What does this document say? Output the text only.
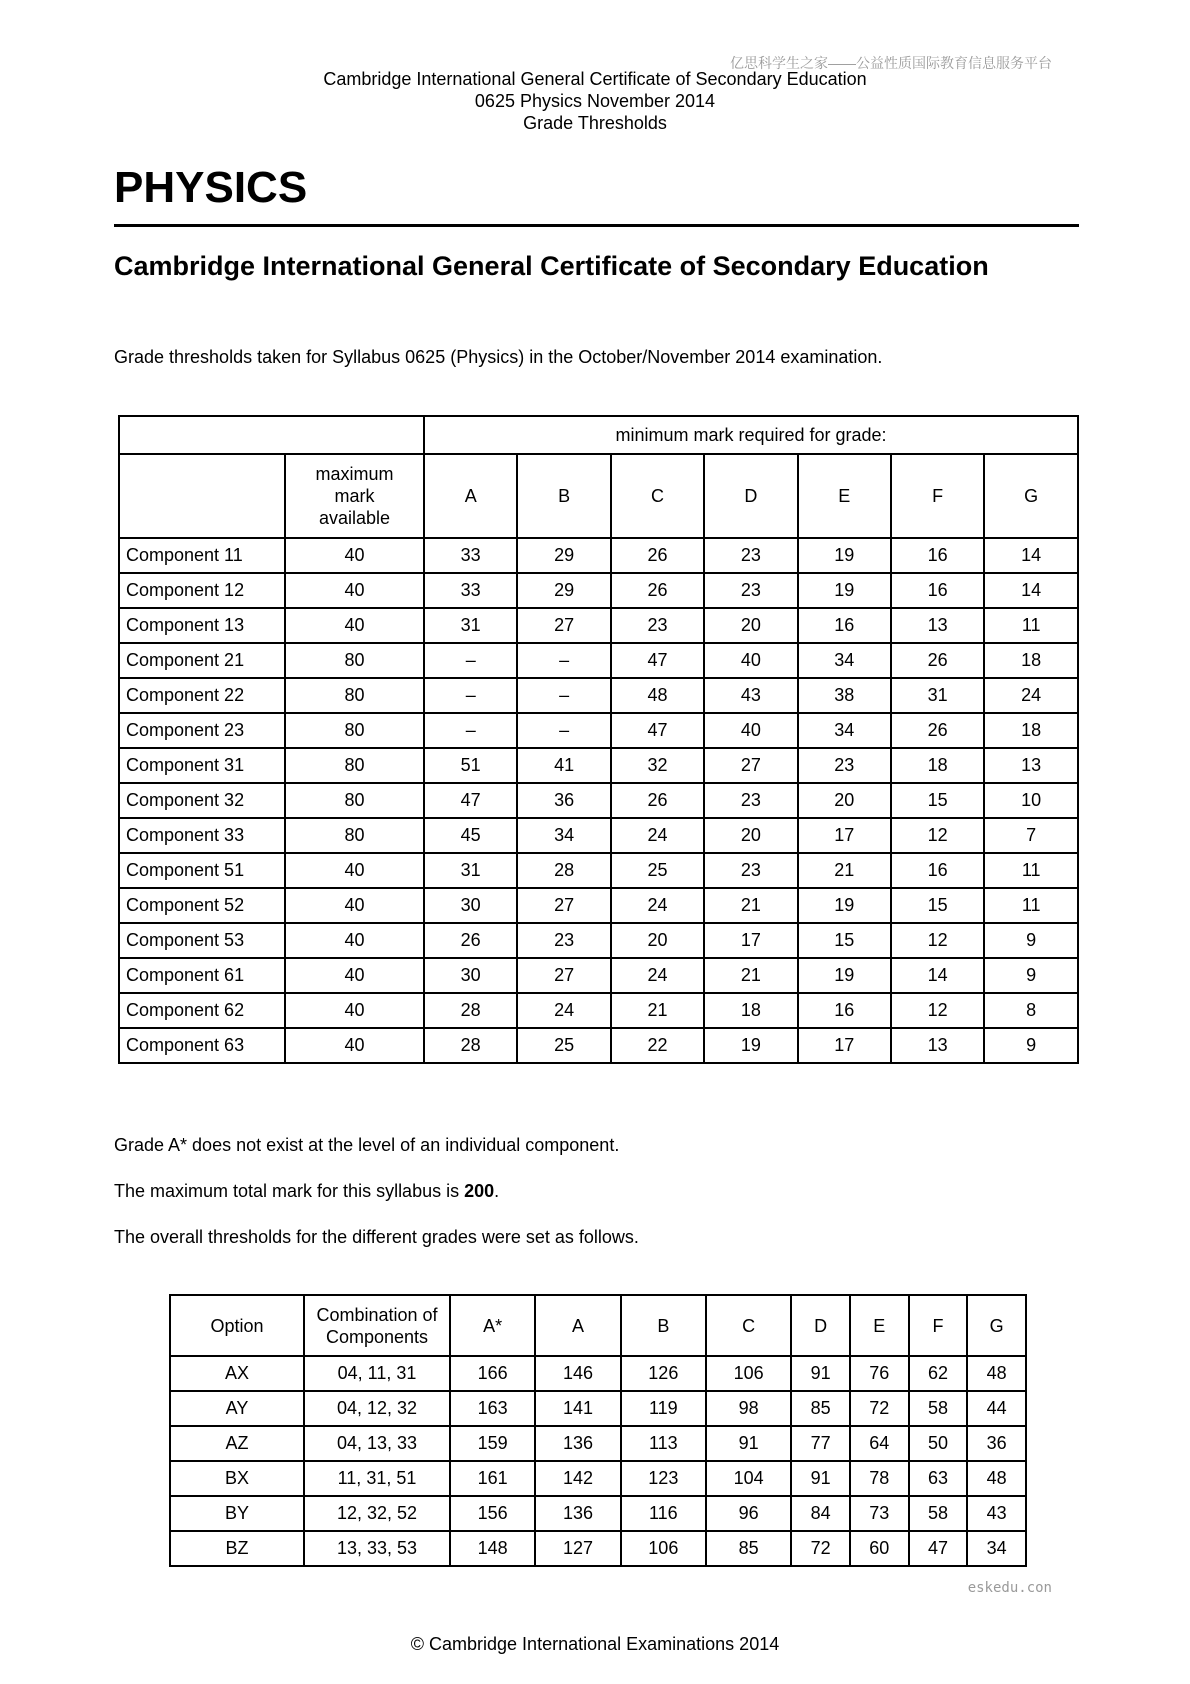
亿思科学生之家——公益性质国际教育信息服务平台
Cambridge International General Certificate of Secondary Education
0625 Physics November 2014
Grade Thresholds
PHYSICS
Cambridge International General Certificate of Secondary Education
Grade thresholds taken for Syllabus 0625 (Physics) in the October/November 2014 examination.
		minimum mark required for grade:						
	maximum
mark
available	A	B	C	D	E	F	G
Component 11	40	33	29	26	23	19	16	14
Component 12	40	33	29	26	23	19	16	14
Component 13	40	31	27	23	20	16	13	11
Component 21	80	–	–	47	40	34	26	18
Component 22	80	–	–	48	43	38	31	24
Component 23	80	–	–	47	40	34	26	18
Component 31	80	51	41	32	27	23	18	13
Component 32	80	47	36	26	23	20	15	10
Component 33	80	45	34	24	20	17	12	7
Component 51	40	31	28	25	23	21	16	11
Component 52	40	30	27	24	21	19	15	11
Component 53	40	26	23	20	17	15	12	9
Component 61	40	30	27	24	21	19	14	9
Component 62	40	28	24	21	18	16	12	8
Component 63	40	28	25	22	19	17	13	9
Grade A* does not exist at the level of an individual component.
The maximum total mark for this syllabus is 200.
The overall thresholds for the different grades were set as follows.
Option	Combination of
Components	A*	A	B	C	D	E	F	G
AX	04, 11, 31	166	146	126	106	91	76	62	48
AY	04, 12, 32	163	141	119	98	85	72	58	44
AZ	04, 13, 33	159	136	113	91	77	64	50	36
BX	11, 31, 51	161	142	123	104	91	78	63	48
BY	12, 32, 52	156	136	116	96	84	73	58	43
BZ	13, 33, 53	148	127	106	85	72	60	47	34
eskedu.con
© Cambridge International Examinations 2014
